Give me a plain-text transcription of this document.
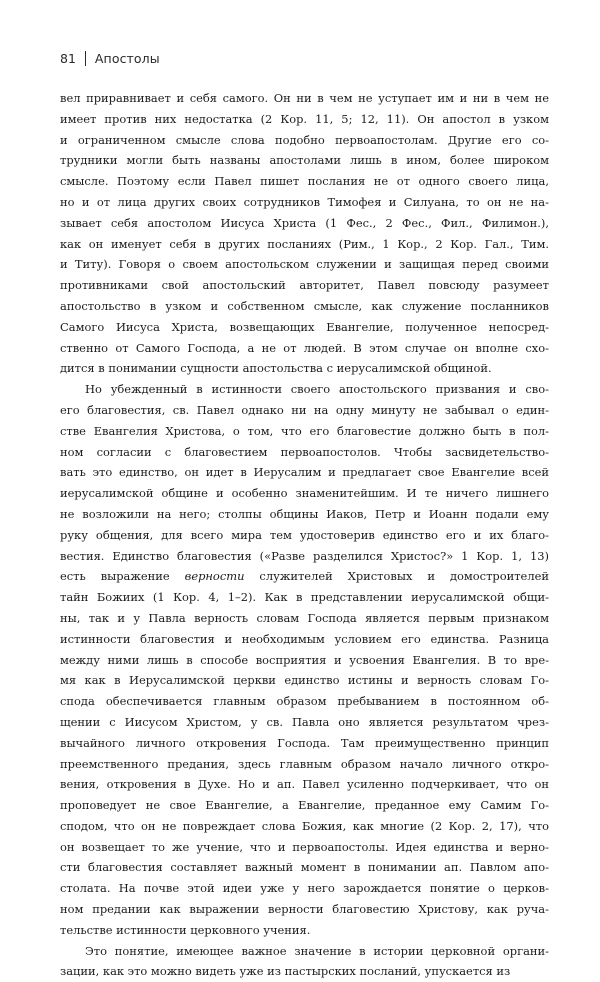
81 Апостолы

вел приравнивает и себя самого. Он ни в чем не уступает им и ни в чем не
имеет против них недостатка (2 Кор. 11, 5; 12, 11). Он апостол в узком
и ограниченном смысле слова подобно первоапостолам. Другие его со-
трудники могли быть названы апостолами лишь в ином, более широком
смысле. Поэтому если Павел пишет послания не от одного своего лица,
но и от лица других своих сотрудников Тимофея и Силуана, то он не на-
зывает себя апостолом Иисуса Христа (1 Фес., 2 Фес., Фил., Филимон.),
как он именует себя в других посланиях (Рим., 1 Кор., 2 Кор. Гал., Тим.
и Титу). Говоря о своем апостольском служении и защищая перед своими
противниками свой апостольский авторитет, Павел повсюду разумеет
апостольство в узком и собственном смысле, как служение посланников
Самого Иисуса Христа, возвещающих Евангелие, полученное непосред-
ственно от Самого Господа, а не от людей. В этом случае он вполне схо-
дится в понимании сущности апостольства с иерусалимской общиной.

Но убежденный в истинности своего апостольского призвания и сво-
его благовестия, св. Павел однако ни на одну минуту не забывал о един-
стве Евангелия Христова, о том, что его благовестие должно быть в пол-
ном согласии с благовестием первоапостолов. Чтобы засвидетельство-
вать это единство, он идет в Иерусалим и предлагает свое Евангелие всей
иерусалимской общине и особенно знаменитейшим. И те ничего лишнего
не возложили на него; столпы общины Иаков, Петр и Иоанн подали ему
руку общения, для всего мира тем удостоверив единство его и их благо-
вестия. Единство благовестия («Разве разделился Христос?» 1 Кор. 1, 13)
есть выражение верности служителей Христовых и домостроителей
тайн Божиих (1 Кор. 4, 1–2). Как в представлении иерусалимской общи-
ны, так и у Павла верность словам Господа является первым признаком
истинности благовестия и необходимым условием его единства. Разница
между ними лишь в способе восприятия и усвоения Евангелия. В то вре-
мя как в Иерусалимской церкви единство истины и верность словам Го-
спода обеспечивается главным образом пребыванием в постоянном об-
щении с Иисусом Христом, у св. Павла оно является результатом чрез-
вычайного личного откровения Господа. Там преимущественно принцип
преемственного предания, здесь главным образом начало личного откро-
вения, откровения в Духе. Но и ап. Павел усиленно подчеркивает, что он
проповедует не свое Евангелие, а Евангелие, преданное ему Самим Го-
сподом, что он не повреждает слова Божия, как многие (2 Кор. 2, 17), что
он возвещает то же учение, что и первоапостолы. Идея единства и верно-
сти благовестия составляет важный момент в понимании ап. Павлом апо-
столата. На почве этой идеи уже у него зарождается понятие о церков-
ном предании как выражении верности благовестию Христову, как руча-
тельстве истинности церковного учения.

Это понятие, имеющее важное значение в истории церковной органи-
зации, как это можно видеть уже из пастырских посланий, упускается из
